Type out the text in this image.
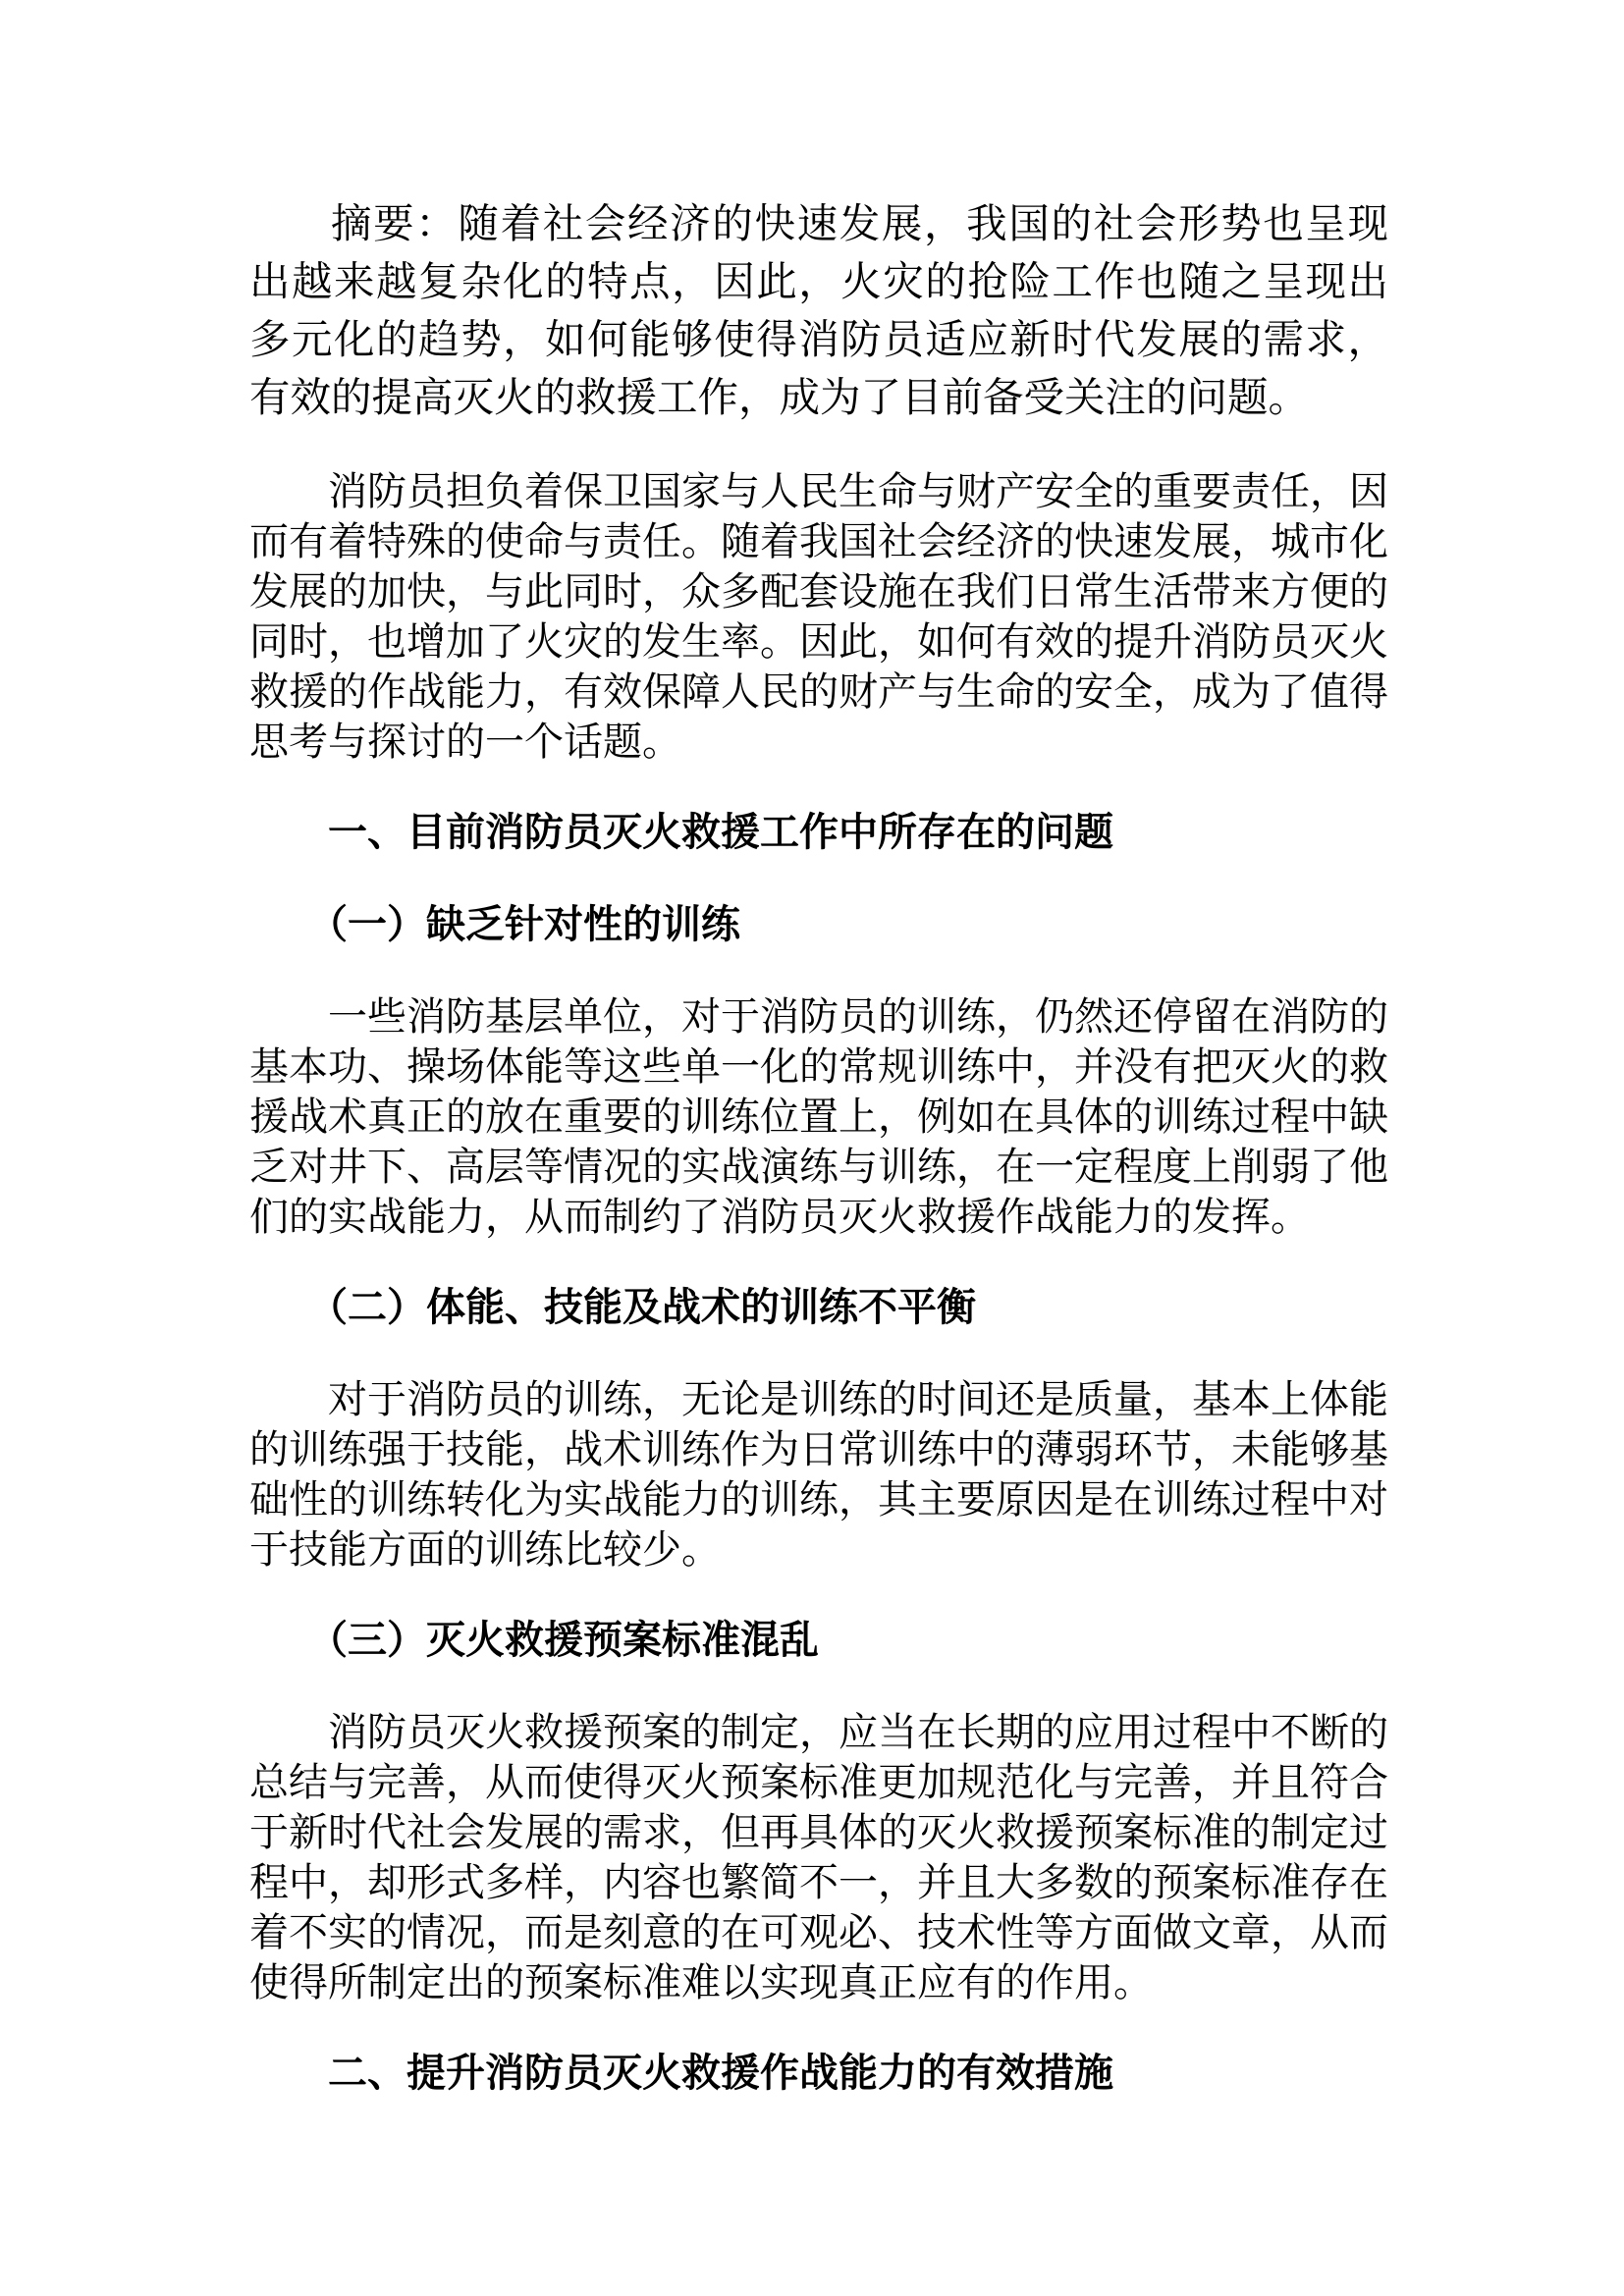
摘要：随着社会经济的快速发展，我国的社会形势也呈现出越来越复杂化的特点，因此，火灾的抢险工作也随之呈现出多元化的趋势，如何能够使得消防员适应新时代发展的需求，有效的提高灭火的救援工作，成为了目前备受关注的问题。

消防员担负着保卫国家与人民生命与财产安全的重要责任，因而有着特殊的使命与责任。随着我国社会经济的快速发展，城市化发展的加快，与此同时，众多配套设施在我们日常生活带来方便的同时，也增加了火灾的发生率。因此，如何有效的提升消防员灭火救援的作战能力，有效保障人民的财产与生命的安全，成为了值得思考与探讨的一个话题。

一、目前消防员灭火救援工作中所存在的问题
（一）缺乏针对性的训练

一些消防基层单位，对于消防员的训练，仍然还停留在消防的基本功、操场体能等这些单一化的常规训练中，并没有把灭火的救援战术真正的放在重要的训练位置上，例如在具体的训练过程中缺乏对井下、高层等情况的实战演练与训练，在一定程度上削弱了他们的实战能力，从而制约了消防员灭火救援作战能力的发挥。

（二）体能、技能及战术的训练不平衡

对于消防员的训练，无论是训练的时间还是质量，基本上体能的训练强于技能，战术训练作为日常训练中的薄弱环节，未能够基础性的训练转化为实战能力的训练，其主要原因是在训练过程中对于技能方面的训练比较少。

（三）灭火救援预案标准混乱

消防员灭火救援预案的制定，应当在长期的应用过程中不断的总结与完善，从而使得灭火预案标准更加规范化与完善，并且符合于新时代社会发展的需求，但再具体的灭火救援预案标准的制定过程中，却形式多样，内容也繁简不一，并且大多数的预案标准存在着不实的情况，而是刻意的在可观必、技术性等方面做文章，从而使得所制定出的预案标准难以实现真正应有的作用。

二、提升消防员灭火救援作战能力的有效措施
